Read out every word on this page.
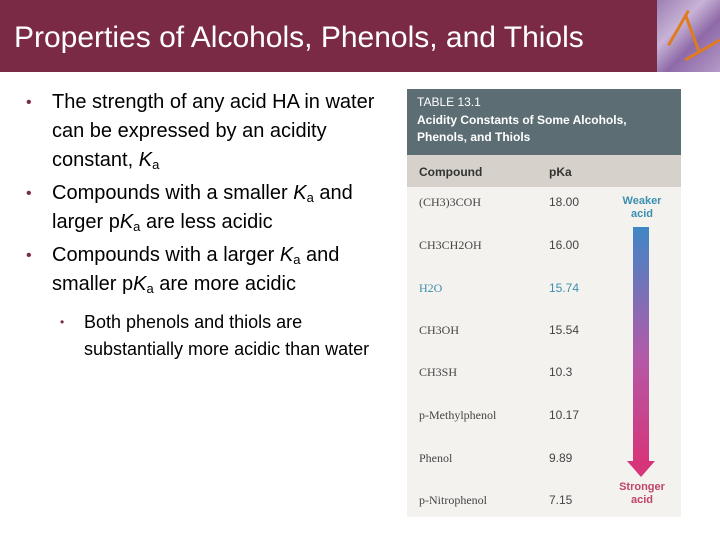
Properties of Alcohols, Phenols, and Thiols
• The strength of any acid HA in water can be expressed by an acidity constant, $K_a$
• Compounds with a smaller $K_a$ and larger $pK_a$ are less acidic
• Compounds with a larger $K_a$ and smaller $pK_a$ are more acidic
• Both phenols and thiols are substantially more acidic than water
TABLE 13.1
Acidity Constants of Some Alcohols,
Phenols, and Thiols
Compound	pKa
(CH3)3COH	18.00
CH3CH2OH	16.00
H2O	15.74
CH3OH	15.54
CH3SH	10.3
p-Methylphenol	10.17
Phenol	9.89
p-Nitrophenol	7.15
Weaker acid
Stronger acid
